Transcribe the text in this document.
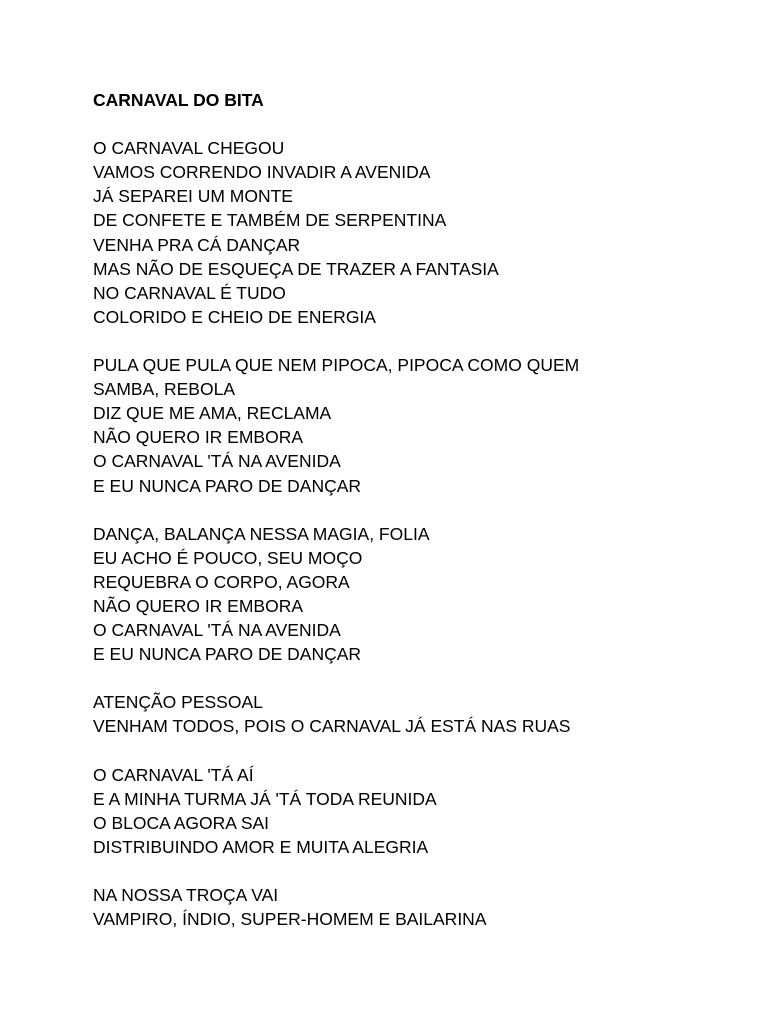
CARNAVAL DO BITA
O CARNAVAL CHEGOU
VAMOS CORRENDO INVADIR A AVENIDA
JÁ SEPAREI UM MONTE
DE CONFETE E TAMBÉM DE SERPENTINA
VENHA PRA CÁ DANÇAR
MAS NÃO DE ESQUEÇA DE TRAZER A FANTASIA
NO CARNAVAL É TUDO
COLORIDO E CHEIO DE ENERGIA
PULA QUE PULA QUE NEM PIPOCA, PIPOCA COMO QUEM
SAMBA, REBOLA
DIZ QUE ME AMA, RECLAMA
NÃO QUERO IR EMBORA
O CARNAVAL 'TÁ NA AVENIDA
E EU NUNCA PARO DE DANÇAR
DANÇA, BALANÇA NESSA MAGIA, FOLIA
EU ACHO É POUCO, SEU MOÇO
REQUEBRA O CORPO, AGORA
NÃO QUERO IR EMBORA
O CARNAVAL 'TÁ NA AVENIDA
E EU NUNCA PARO DE DANÇAR
ATENÇÃO PESSOAL
VENHAM TODOS, POIS O CARNAVAL JÁ ESTÁ NAS RUAS
O CARNAVAL 'TÁ AÍ
E A MINHA TURMA JÁ 'TÁ TODA REUNIDA
O BLOCA AGORA SAI
DISTRIBUINDO AMOR E MUITA ALEGRIA
NA NOSSA TROÇA VAI
VAMPIRO, ÍNDIO, SUPER-HOMEM E BAILARINA
